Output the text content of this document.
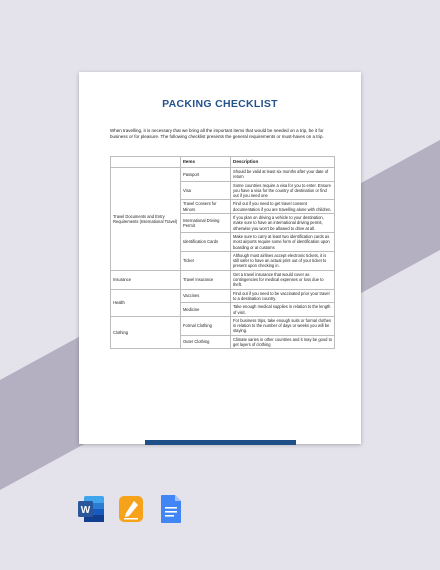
PACKING CHECKLIST
When travelling, it is necessary that we bring all the important items that would be needed on a trip, be it for business or for pleasure. The following checklist presents the general requirements or must-haves on a trip.
	Items	Description
Travel Documents and Entry Requirements (International Travel)	Passport	Should be valid at least six months after your date of return
	Visa	Some countries require a visa for you to enter. Ensure you have a visa for the country of destination or find out if you need one
	Travel Consent for Minors	Find out if you need to get travel consent documentation if you are travelling alone with children.
	International Driving Permit	If you plan on driving a vehicle to your destination, make sure to have an international driving permit, otherwise you won’t be allowed to drive at all.
	Identification Cards	Make sure to carry at least two identification cards as most airports require some form of identification upon boarding or at customs
	Ticket	Although most airlines accept electronic tickets, it is still safer to have an actual print out of your ticket to present upon checking in.
Insurance	Travel Insurance	Get a travel insurance that would cover as contingencies for medical expenses or loss due to theft.
Health	Vaccines	Find out if you need to be vaccinated prior your travel to a destination country.
	Medicine	Take enough medical supplies in relation to the length of visit.
Clothing	Formal Clothing	For business trips, take enough suits or formal clothes in relation to the number of days or weeks you will be staying.
	Outer Clothing	Climate varies in other countries and it may be good to get layers of clothing
W
